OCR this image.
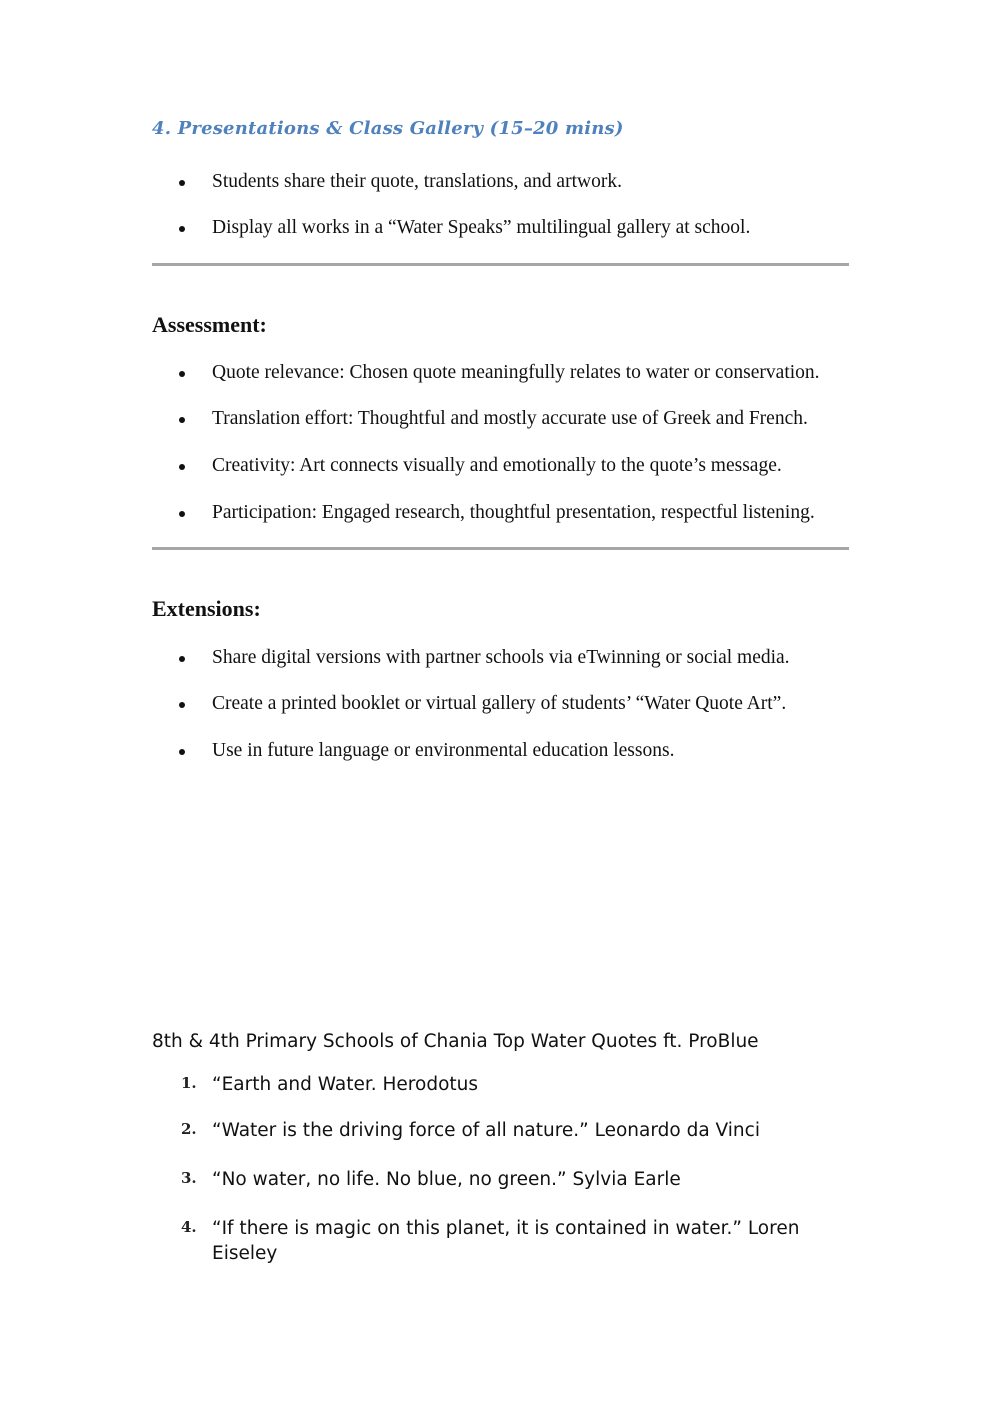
4. Presentations & Class Gallery (15–20 mins)
Students share their quote, translations, and artwork.
Display all works in a “Water Speaks” multilingual gallery at school.
Assessment:
Quote relevance: Chosen quote meaningfully relates to water or conservation.
Translation effort: Thoughtful and mostly accurate use of Greek and French.
Creativity: Art connects visually and emotionally to the quote’s message.
Participation: Engaged research, thoughtful presentation, respectful listening.
Extensions:
Share digital versions with partner schools via eTwinning or social media.
Create a printed booklet or virtual gallery of students’ “Water Quote Art”.
Use in future language or environmental education lessons.

8th & 4th Primary Schools of Chania Top Water Quotes ft. ProBlue

1. “Earth and Water. Herodotus
2. “Water is the driving force of all nature.” Leonardo da Vinci
3. “No water, no life. No blue, no green.” Sylvia Earle
4. “If there is magic on this planet, it is contained in water.” Loren Eiseley
